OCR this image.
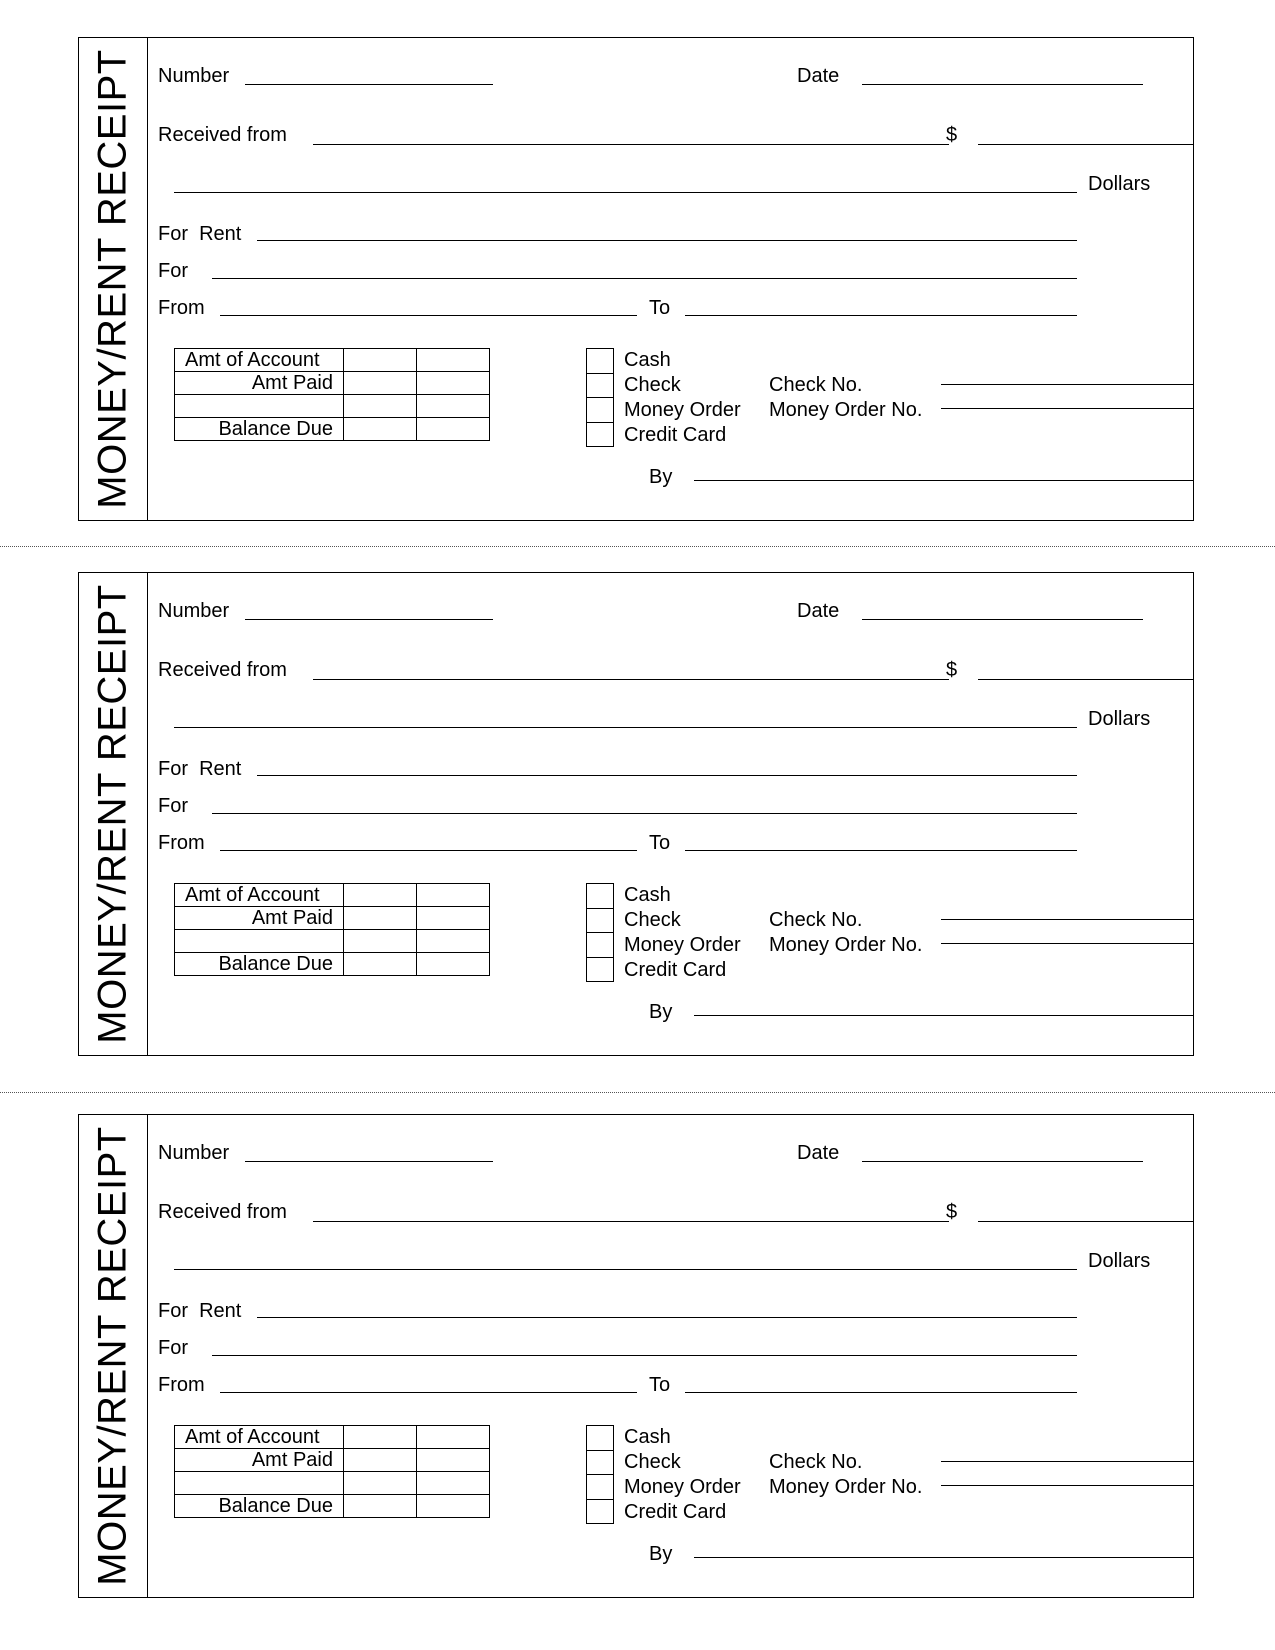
MONEY/RENT RECEIPT Number	Date
Received from	$
Dollars
For  Rent
For
From	To
Amt of Account		
Amt Paid		

Balance Due		
Cash
Check
Money Order
Credit Card
Check No.
Money Order No.
By
MONEY/RENT RECEIPT Number	Date
Received from	$
Dollars
For  Rent
For
From	To
Amt of Account		
Amt Paid		

Balance Due		
Cash
Check
Money Order
Credit Card
Check No.
Money Order No.
By
MONEY/RENT RECEIPT Number	Date
Received from	$
Dollars
For  Rent
For
From	To
Amt of Account		
Amt Paid		

Balance Due		
Cash
Check
Money Order
Credit Card
Check No.
Money Order No.
By
